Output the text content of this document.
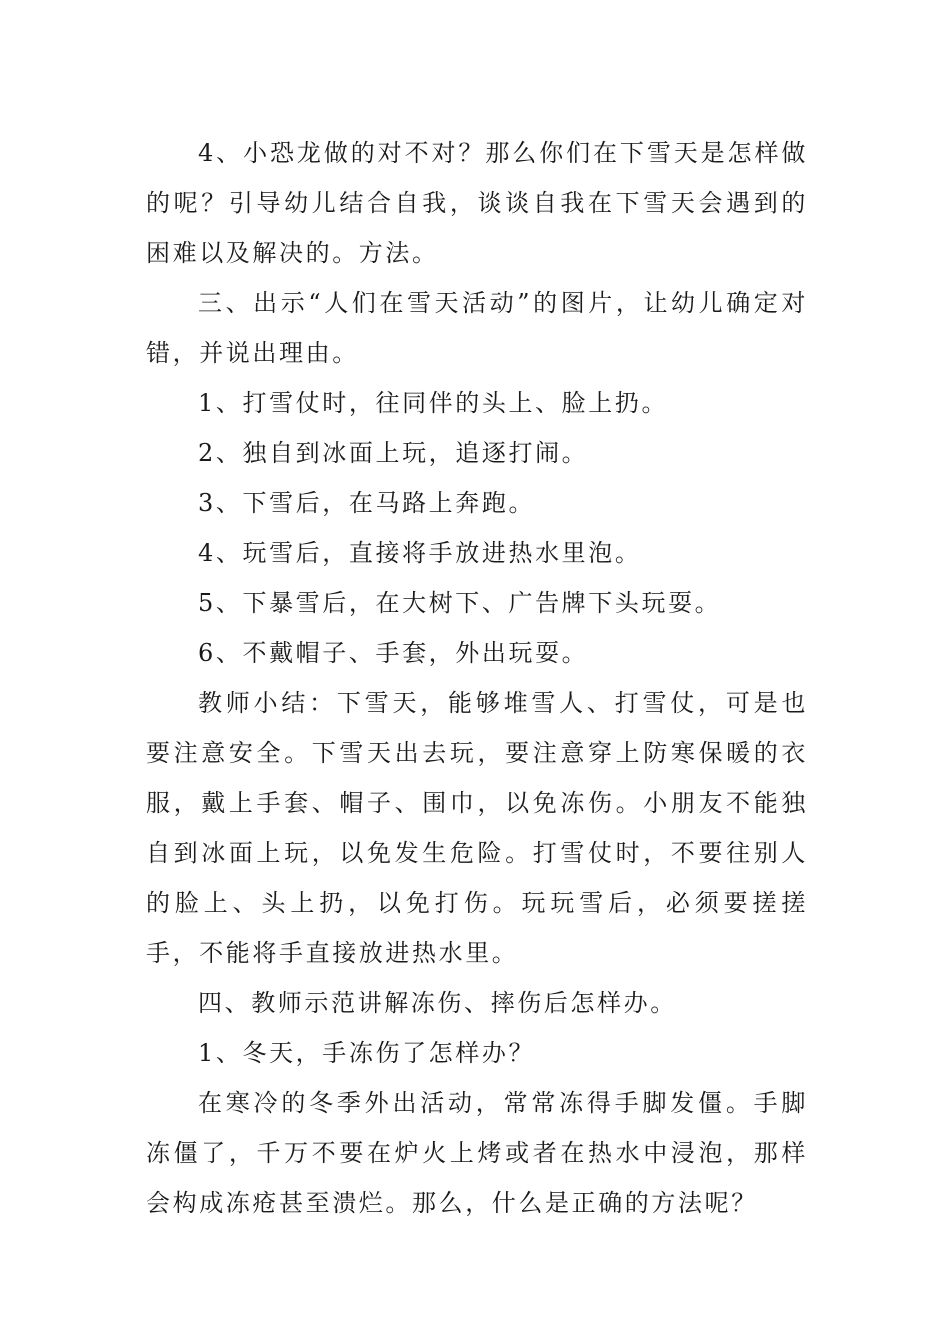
4、小恐龙做的对不对？那么你们在下雪天是怎样做的呢？引导幼儿结合自我，谈谈自我在下雪天会遇到的困难以及解决的。方法。

三、出示“人们在雪天活动”的图片，让幼儿确定对错，并说出理由。

1、打雪仗时，往同伴的头上、脸上扔。

2、独自到冰面上玩，追逐打闹。

3、下雪后，在马路上奔跑。

4、玩雪后，直接将手放进热水里泡。

5、下暴雪后，在大树下、广告牌下头玩耍。

6、不戴帽子、手套，外出玩耍。

教师小结：下雪天，能够堆雪人、打雪仗，可是也要注意安全。下雪天出去玩，要注意穿上防寒保暖的衣服，戴上手套、帽子、围巾，以免冻伤。小朋友不能独自到冰面上玩，以免发生危险。打雪仗时，不要往别人的脸上、头上扔，以免打伤。玩玩雪后，必须要搓搓手，不能将手直接放进热水里。

四、教师示范讲解冻伤、摔伤后怎样办。

1、冬天，手冻伤了怎样办？

在寒冷的冬季外出活动，常常冻得手脚发僵。手脚冻僵了，千万不要在炉火上烤或者在热水中浸泡，那样会构成冻疮甚至溃烂。那么，什么是正确的方法呢？
